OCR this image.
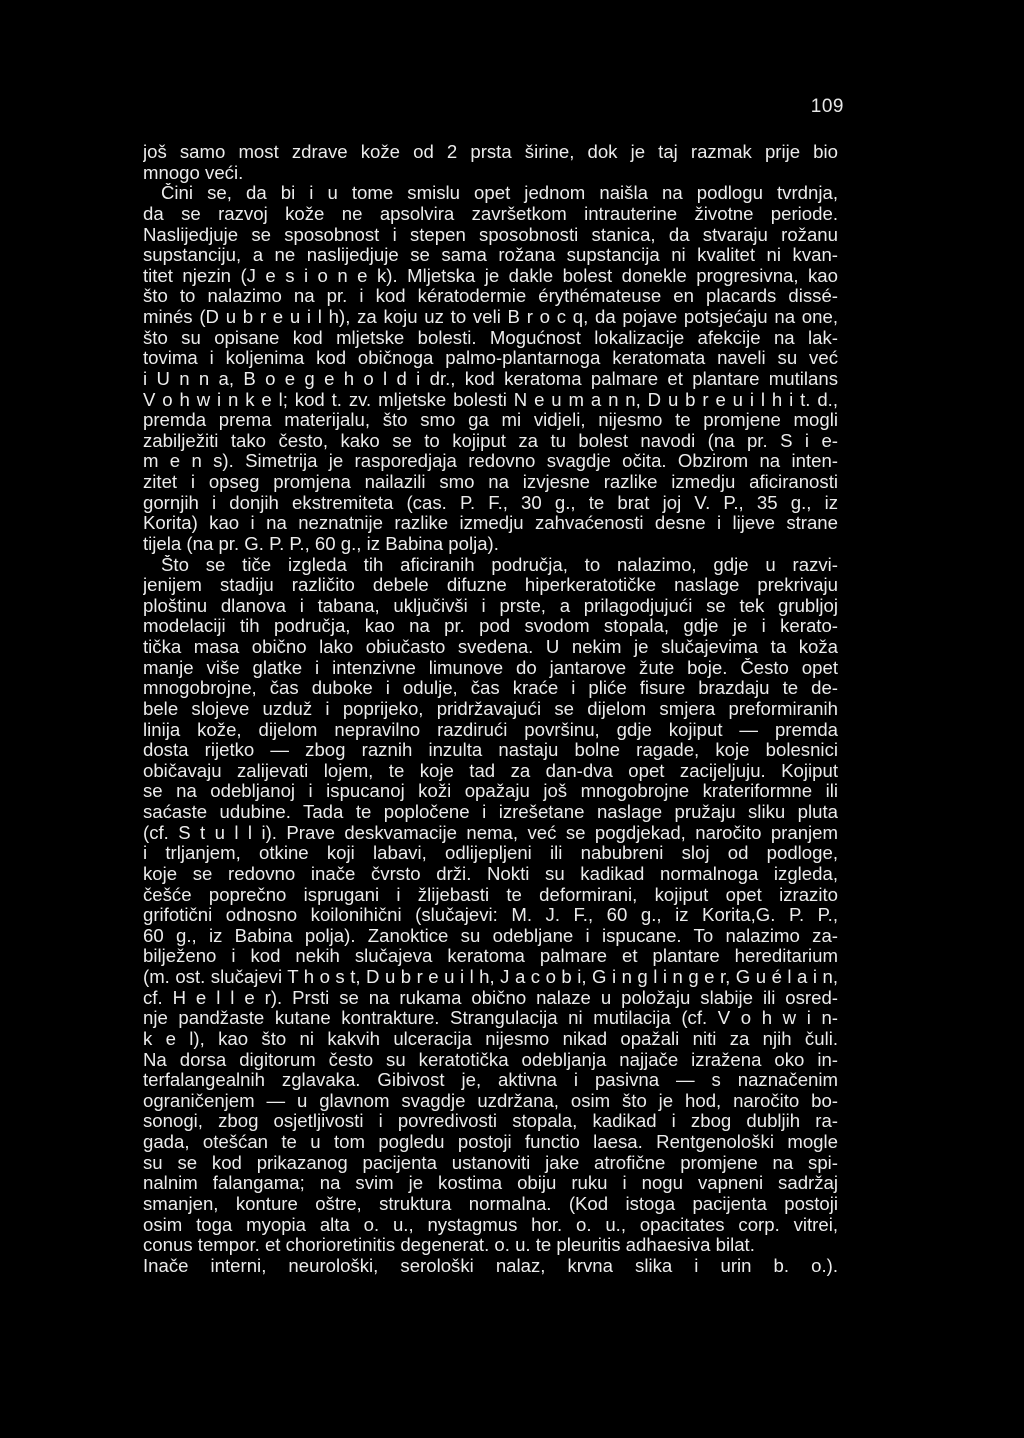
109
još samo most zdrave kože od 2 prsta širine, dok je taj razmak prije bio
mnogo veći.
Čini se, da bi i u tome smislu opet jednom naišla na podlogu tvrdnja,
da se razvoj kože ne apsolvira završetkom intrauterine životne periode.
Naslijedjuje se sposobnost i stepen sposobnosti stanica, da stvaraju rožanu
supstanciju, a ne naslijedjuje se sama rožana supstancija ni kvalitet ni kvan-
titet njezin (J e s i o n e k). Mljetska je dakle bolest donekle progresivna, kao
što to nalazimo na pr. i kod kératodermie érythémateuse en placards dissé-
minés (D u b r e u i l h), za koju uz to veli B r o c q, da pojave potsjećaju na one,
što su opisane kod mljetske bolesti. Mogućnost lokalizacije afekcije na lak-
tovima i koljenima kod običnoga palmo-plantarnoga keratomata naveli su već
i U n n a, B o e g e h o l d i dr., kod keratoma palmare et plantare mutilans
V o h w i n k e l; kod t. zv. mljetske bolesti N e u m a n n, D u b r e u i l h i t. d.,
premda prema materijalu, što smo ga mi vidjeli, nijesmo te promjene mogli
zabilježiti tako često, kako se to kojiput za tu bolest navodi (na pr. S i e-
m e n s). Simetrija je rasporedjaja redovno svagdje očita. Obzirom na inten-
zitet i opseg promjena nailazili smo na izvjesne razlike izmedju aficiranosti
gornjih i donjih ekstremiteta (cas. P. F., 30 g., te brat joj V. P., 35 g., iz
Korita) kao i na neznatnije razlike izmedju zahvaćenosti desne i lijeve strane
tijela (na pr. G. P. P., 60 g., iz Babina polja).
Što se tiče izgleda tih aficiranih područja, to nalazimo, gdje u razvi-
jenijem stadiju različito debele difuzne hiperkeratotičke naslage prekrivaju
ploštinu dlanova i tabana, uključivši i prste, a prilagodjujući se tek grubljoj
modelaciji tih područja, kao na pr. pod svodom stopala, gdje je i kerato-
tička masa obično lako obiučasto svedena. U nekim je slučajevima ta koža
manje više glatke i intenzivne limunove do jantarove žute boje. Često opet
mnogobrojne, čas duboke i odulje, čas kraće i pliće fisure brazdaju te de-
bele slojeve uzduž i poprijeko, pridržavajući se dijelom smjera preformiranih
linija kože, dijelom nepravilno razdirući površinu, gdje kojiput — premda
dosta rijetko — zbog raznih inzulta nastaju bolne ragade, koje bolesnici
običavaju zalijevati lojem, te koje tad za dan-dva opet zacijeljuju. Kojiput
se na odebljanoj i ispucanoj koži opažaju još mnogobrojne krateriformne ili
saćaste udubine. Tada te popločene i izrešetane naslage pružaju sliku pluta
(cf. S t u l l i). Prave deskvamacije nema, već se pogdjekad, naročito pranjem
i trljanjem, otkine koji labavi, odlijepljeni ili nabubreni sloj od podloge,
koje se redovno inače čvrsto drži. Nokti su kadikad normalnoga izgleda,
češće poprečno isprugani i žlijebasti te deformirani, kojiput opet izrazito
grifotični odnosno koilonihični (slučajevi: M. J. F., 60 g., iz Korita,G. P. P.,
60 g., iz Babina polja). Zanoktice su odebljane i ispucane. To nalazimo za-
bilježeno i kod nekih slučajeva keratoma palmare et plantare hereditarium
(m. ost. slučajevi T h o s t, D u b r e u i l h, J a c o b i, G i n g l i n g e r, G u é l a i n,
cf. H e l l e r). Prsti se na rukama obično nalaze u položaju slabije ili osred-
nje pandžaste kutane kontrakture. Strangulacija ni mutilacija (cf. V o h w i n-
k e l), kao što ni kakvih ulceracija nijesmo nikad opažali niti za njih čuli.
Na dorsa digitorum često su keratotička odebljanja najjače izražena oko in-
terfalangealnih zglavaka. Gibivost je, aktivna i pasivna — s naznačenim
ograničenjem — u glavnom svagdje uzdržana, osim što je hod, naročito bo-
sonogi, zbog osjetljivosti i povredivosti stopala, kadikad i zbog dubljih ra-
gada, otešćan te u tom pogledu postoji functio laesa. Rentgenološki mogle
su se kod prikazanog pacijenta ustanoviti jake atrofične promjene na spi-
nalnim falangama; na svim je kostima obiju ruku i nogu vapneni sadržaj
smanjen, konture oštre, struktura normalna. (Kod istoga pacijenta postoji
osim toga myopia alta o. u., nystagmus hor. o. u., opacitates corp. vitrei,
conus tempor. et chorioretinitis degenerat. o. u. te pleuritis adhaesiva bilat.
Inače interni, neurološki, serološki nalaz, krvna slika i urin b. o.).
